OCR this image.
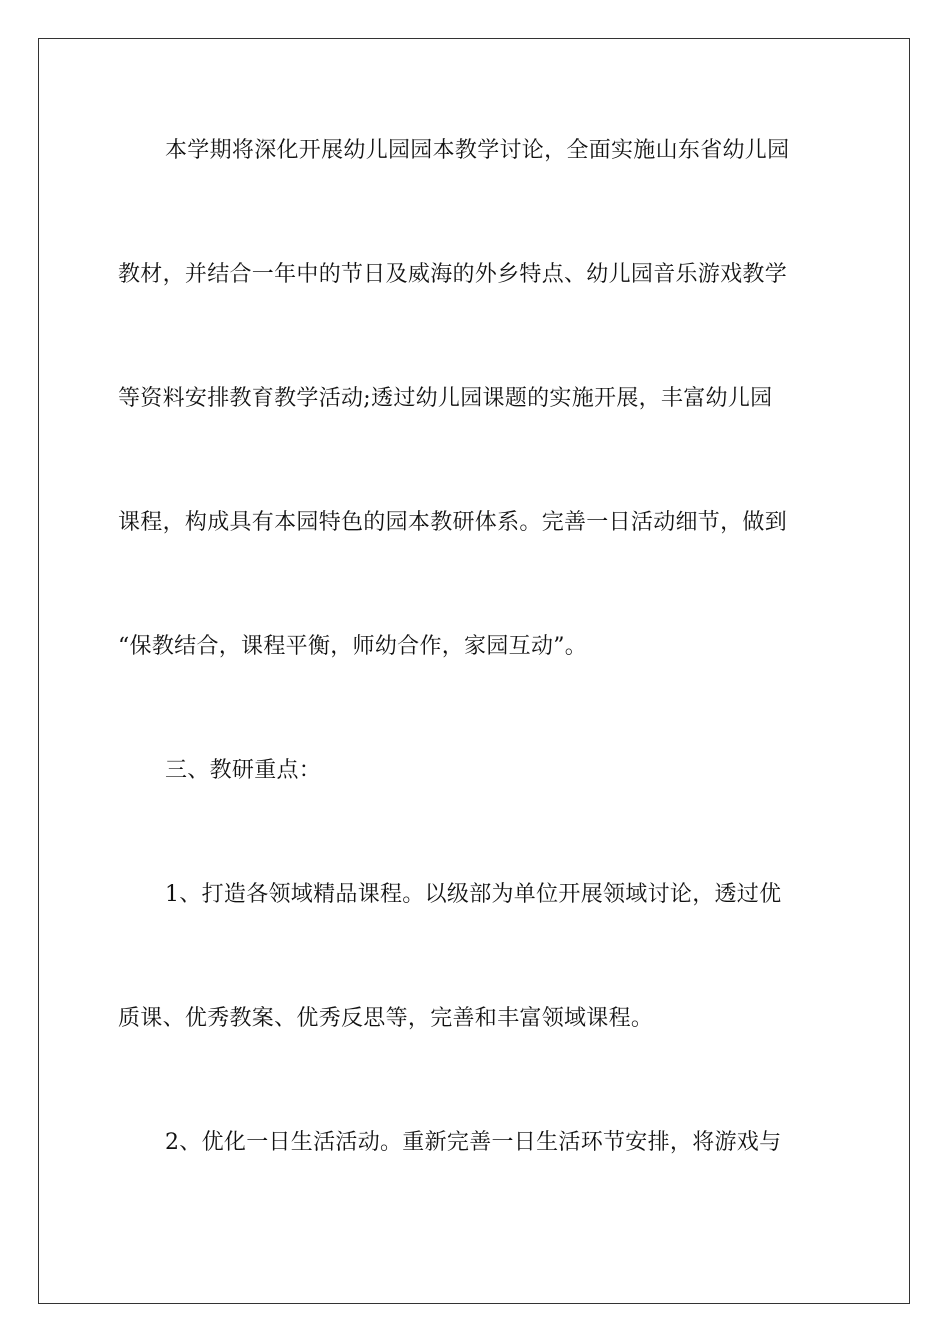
本学期将深化开展幼儿园园本教学讨论，全面实施山东省幼儿园
教材，并结合一年中的节日及威海的外乡特点、幼儿园音乐游戏教学
等资料安排教育教学活动;透过幼儿园课题的实施开展，丰富幼儿园
课程，构成具有本园特色的园本教研体系。完善一日活动细节，做到
“保教结合，课程平衡，师幼合作，家园互动”。
三、教研重点：
1、打造各领域精品课程。以级部为单位开展领域讨论，透过优
质课、优秀教案、优秀反思等，完善和丰富领域课程。
2、优化一日生活活动。重新完善一日生活环节安排，将游戏与
